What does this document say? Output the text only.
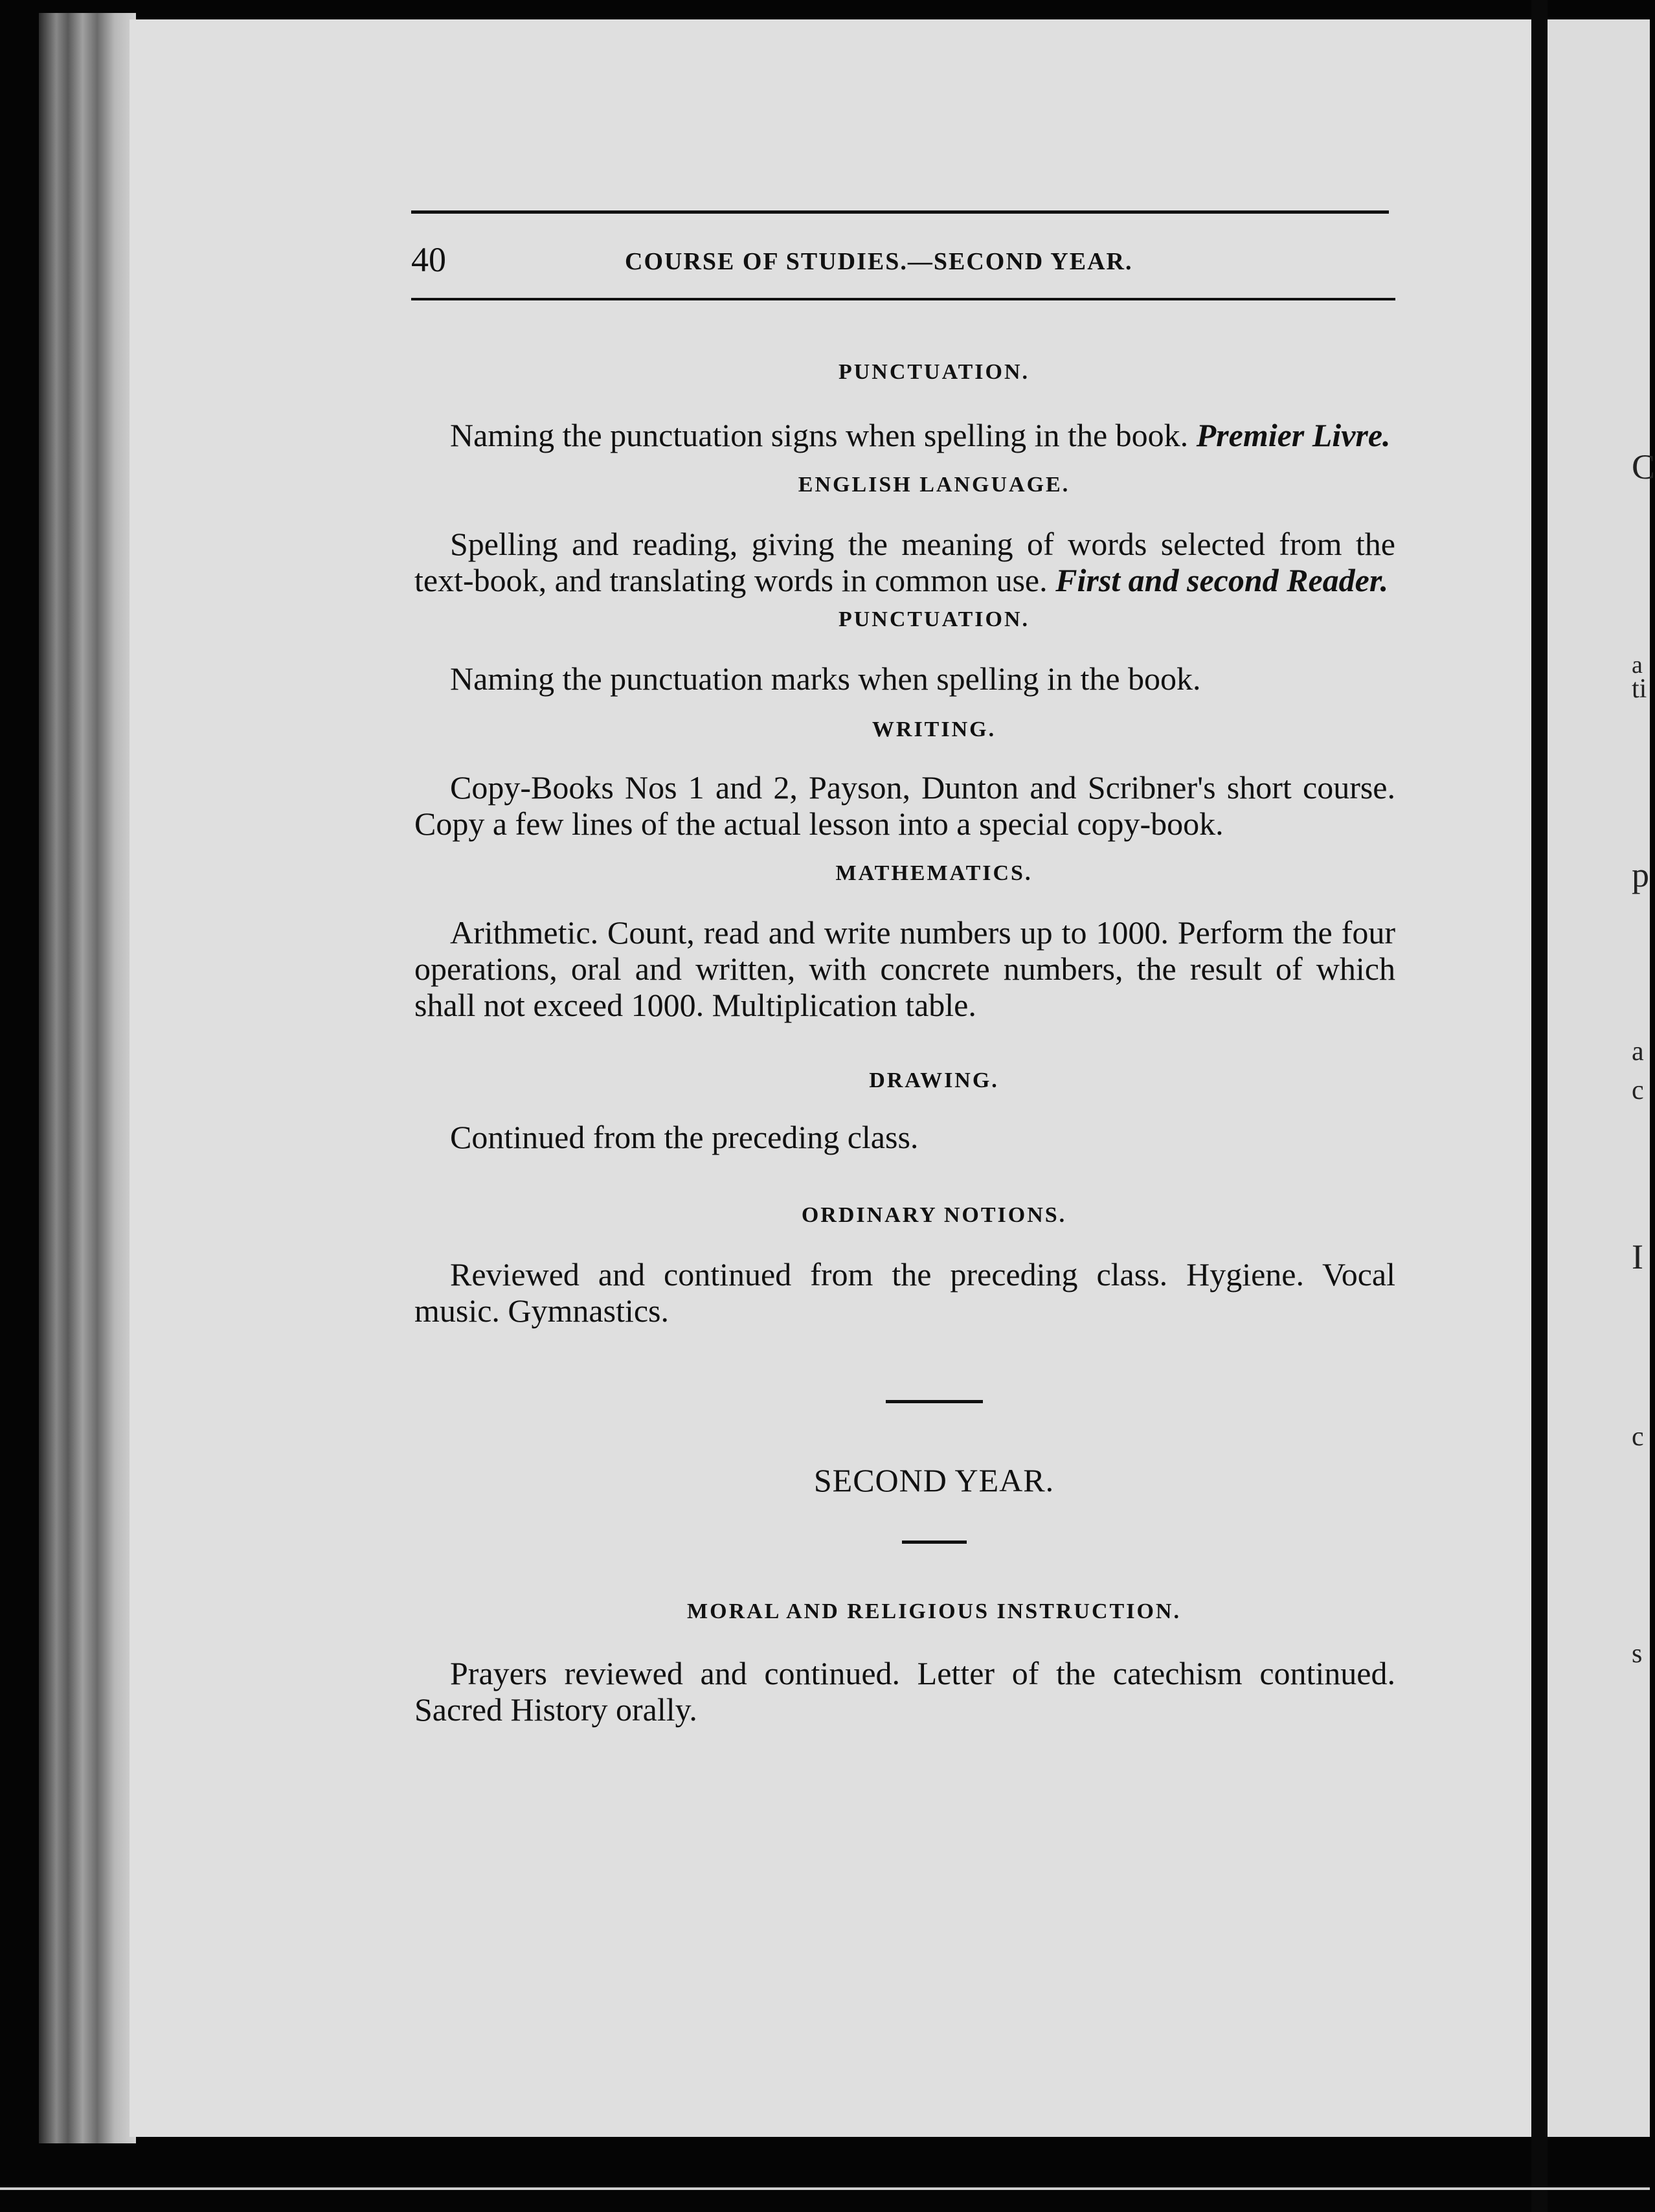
C
a
ti
p
a
c
I
c
s
40	COURSE OF STUDIES.—SECOND YEAR.

PUNCTUATION.

Naming the punctuation signs when spelling in the book. Premier Livre.

ENGLISH LANGUAGE.

Spelling and reading, giving the meaning of words selected from the text-book, and translating words in common use. First and second Reader.

PUNCTUATION.

Naming the punctuation marks when spelling in the book.

WRITING.

Copy-Books Nos 1 and 2, Payson, Dunton and Scribner's short course. Copy a few lines of the actual lesson into a special copy-book.

MATHEMATICS.

Arithmetic. Count, read and write numbers up to 1000. Perform the four operations, oral and written, with concrete numbers, the result of which shall not exceed 1000. Multiplication table.

DRAWING.

Continued from the preceding class.

ORDINARY NOTIONS.

Reviewed and continued from the preceding class. Hygiene. Vocal music. Gymnastics.

SECOND YEAR.

MORAL AND RELIGIOUS INSTRUCTION.

Prayers reviewed and continued. Letter of the catechism continued. Sacred History orally.
